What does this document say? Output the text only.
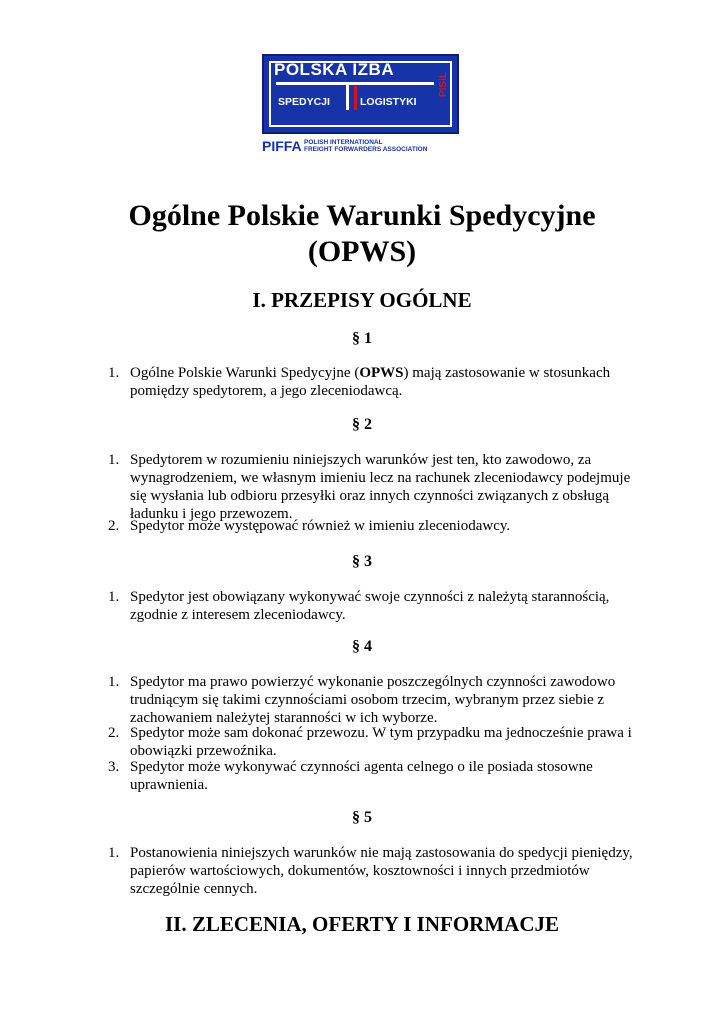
POLSKA IZBA
SPEDYCJI	LOGISTYKI
PISiL
PIFFA POLISH INTERNATIONAL
FREIGHT FORWARDERS ASSOCIATION
Ogólne Polskie Warunki Spedycyjne
(OPWS)
I. PRZEPISY OGÓLNE
§ 1
1. Ogólne Polskie Warunki Spedycyjne (OPWS) mają zastosowanie w stosunkach pomiędzy spedytorem, a jego zleceniodawcą.
§ 2
1. Spedytorem w rozumieniu niniejszych warunków jest ten, kto zawodowo, za wynagrodzeniem, we własnym imieniu lecz na rachunek zleceniodawcy podejmuje się wysłania lub odbioru przesyłki oraz innych czynności związanych z obsługą ładunku i jego przewozem.
2. Spedytor może występować również w imieniu zleceniodawcy.
§ 3
1. Spedytor jest obowiązany wykonywać swoje czynności z należytą starannością, zgodnie z interesem zleceniodawcy.
§ 4
1. Spedytor ma prawo powierzyć wykonanie poszczególnych czynności zawodowo trudniącym się takimi czynnościami osobom trzecim, wybranym przez siebie z zachowaniem należytej staranności w ich wyborze.
2. Spedytor może sam dokonać przewozu. W tym przypadku ma jednocześnie prawa i obowiązki przewoźnika.
3. Spedytor może wykonywać czynności agenta celnego o ile posiada stosowne uprawnienia.
§ 5
1. Postanowienia niniejszych warunków nie mają zastosowania do spedycji pieniędzy, papierów wartościowych, dokumentów, kosztowności i innych przedmiotów szczególnie cennych.
II. ZLECENIA, OFERTY I INFORMACJE
